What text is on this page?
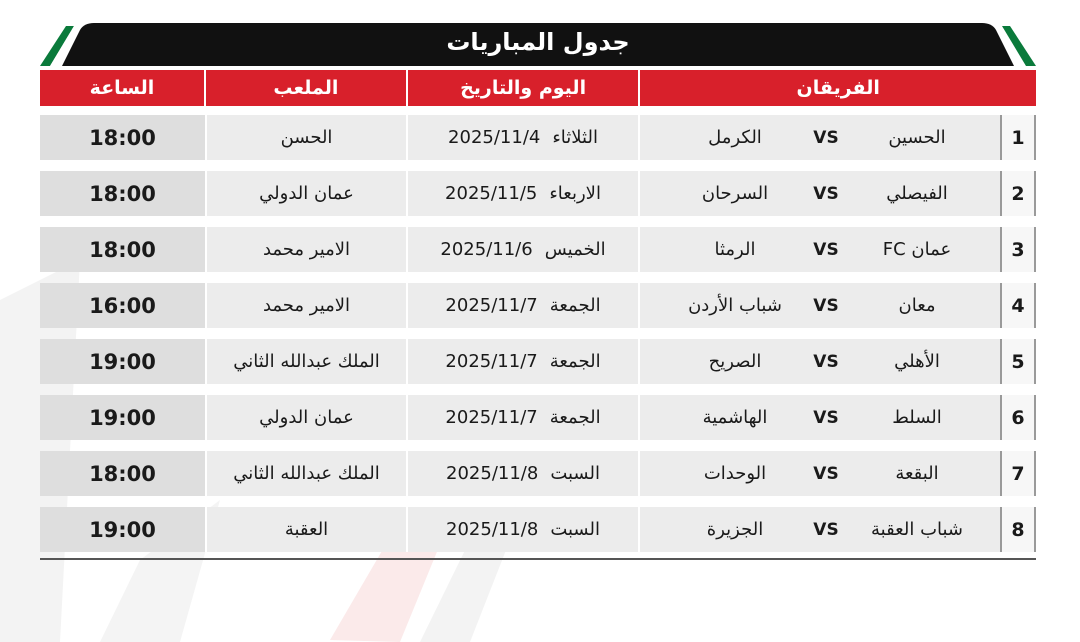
جدول المباريات
الفريقان
اليوم والتاريخ
الملعب
الساعة
1
الحسين
VS
الكرمل
الثلاثاء
2025/11/4
الحسن
18:00
2
الفيصلي
VS
السرحان
الاربعاء
2025/11/5
عمان الدولي
18:00
3
عمان FC
VS
الرمثا
الخميس
2025/11/6
الامير محمد
18:00
4
معان
VS
شباب الأردن
الجمعة
2025/11/7
الامير محمد
16:00
5
الأهلي
VS
الصريح
الجمعة
2025/11/7
الملك عبدالله الثاني
19:00
6
السلط
VS
الهاشمية
الجمعة
2025/11/7
عمان الدولي
19:00
7
البقعة
VS
الوحدات
السبت
2025/11/8
الملك عبدالله الثاني
18:00
8
شباب العقبة
VS
الجزيرة
السبت
2025/11/8
العقبة
19:00
